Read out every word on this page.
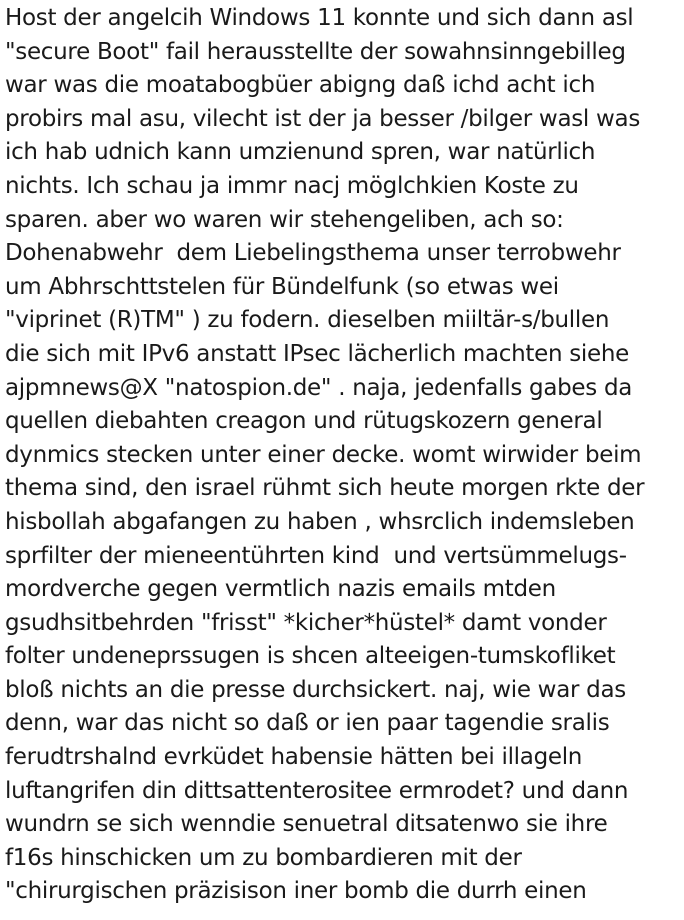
Host der angelcih Windows 11 konnte und sich dann asl
"secure Boot" fail herausstellte der sowahnsinngebilleg
war was die moatabogbüer abigng daß ichd acht ich
probirs mal asu, vilecht ist der ja besser /bilger wasl was
ich hab udnich kann umzienund spren, war natürlich
nichts. Ich schau ja immr nacj möglchkien Koste zu
sparen. aber wo waren wir stehengeliben, ach so:
Dohenabwehr  dem Liebelingsthema unser terrobwehr
um Abhrschttstelen für Bündelfunk (so etwas wei
"viprinet (R)TM" ) zu fodern. dieselben miiltär-s/bullen
die sich mit IPv6 anstatt IPsec lächerlich machten siehe
ajpmnews@X "natospion.de" . naja, jedenfalls gabes da
quellen diebahten creagon und rütugskozern general
dynmics stecken unter einer decke. womt wirwider beim
thema sind, den israel rühmt sich heute morgen rkte der
hisbollah abgafangen zu haben , whsrclich indemsleben
sprfilter der mieneentührten kind  und vertsümmelugs-
mordverche gegen vermtlich nazis emails mtden
gsudhsitbehrden "frisst" *kicher*hüstel* damt vonder
folter undeneprssugen is shcen alteeigen-tumskofliket
bloß nichts an die presse durchsickert. naj, wie war das
denn, war das nicht so daß or ien paar tagendie sralis
ferudtrshalnd evrküdet habensie hätten bei illageln
luftangrifen din dittsattenterositee ermrodet? und dann
wundrn se sich wenndie senuetral ditsatenwo sie ihre
f16s hinschicken um zu bombardieren mit der
"chirurgischen präzisison iner bomb die durrh einen
